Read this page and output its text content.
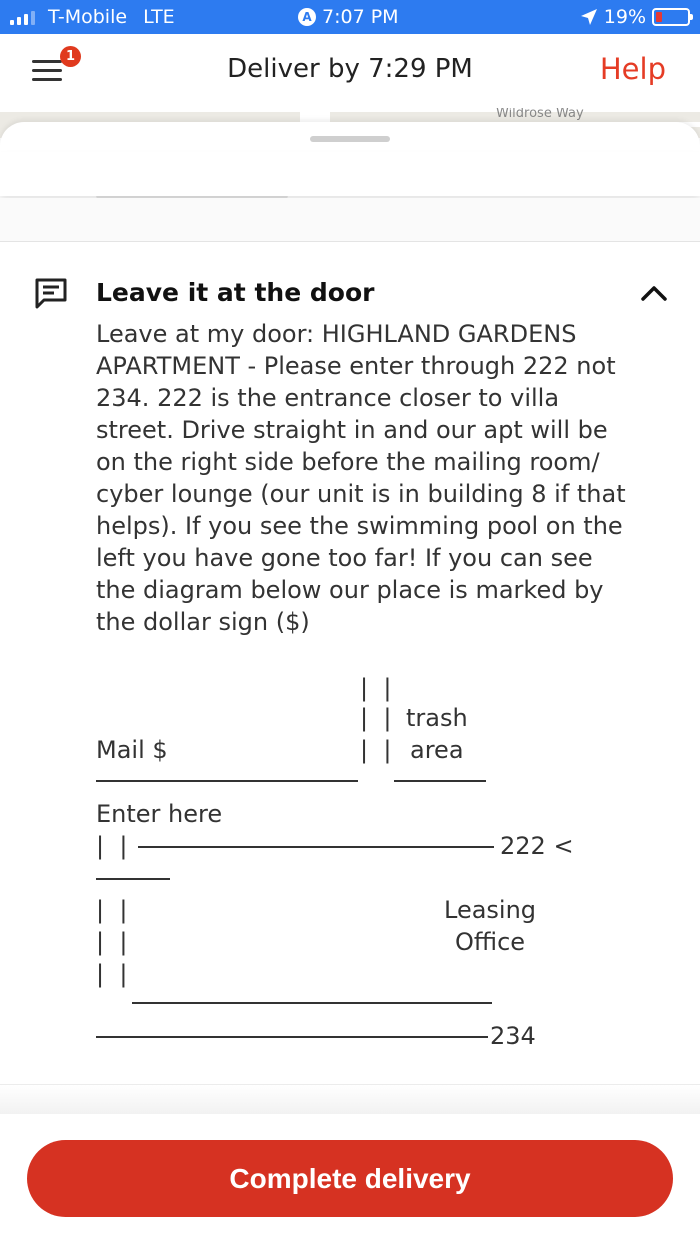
T-Mobile LTE	A 7:07 PM	19%
1	Deliver by 7:29 PM	Help
Wildrose Way
Leave it at the door
Leave at my door: HIGHLAND GARDENS APARTMENT - Please enter through 222 not 234. 222 is the entrance closer to villa street. Drive straight in and our apt will be on the right side before the mailing room/ cyber lounge (our unit is in building 8 if that helps). If you see the swimming pool on the left you have gone too far! If you can see the diagram below our place is marked by the dollar sign ($)
|  |
|  | trash
Mail $	|  | area
Enter here
|  |	222 <
|  |	Leasing
|  |	Office
|  |
234
Complete delivery
